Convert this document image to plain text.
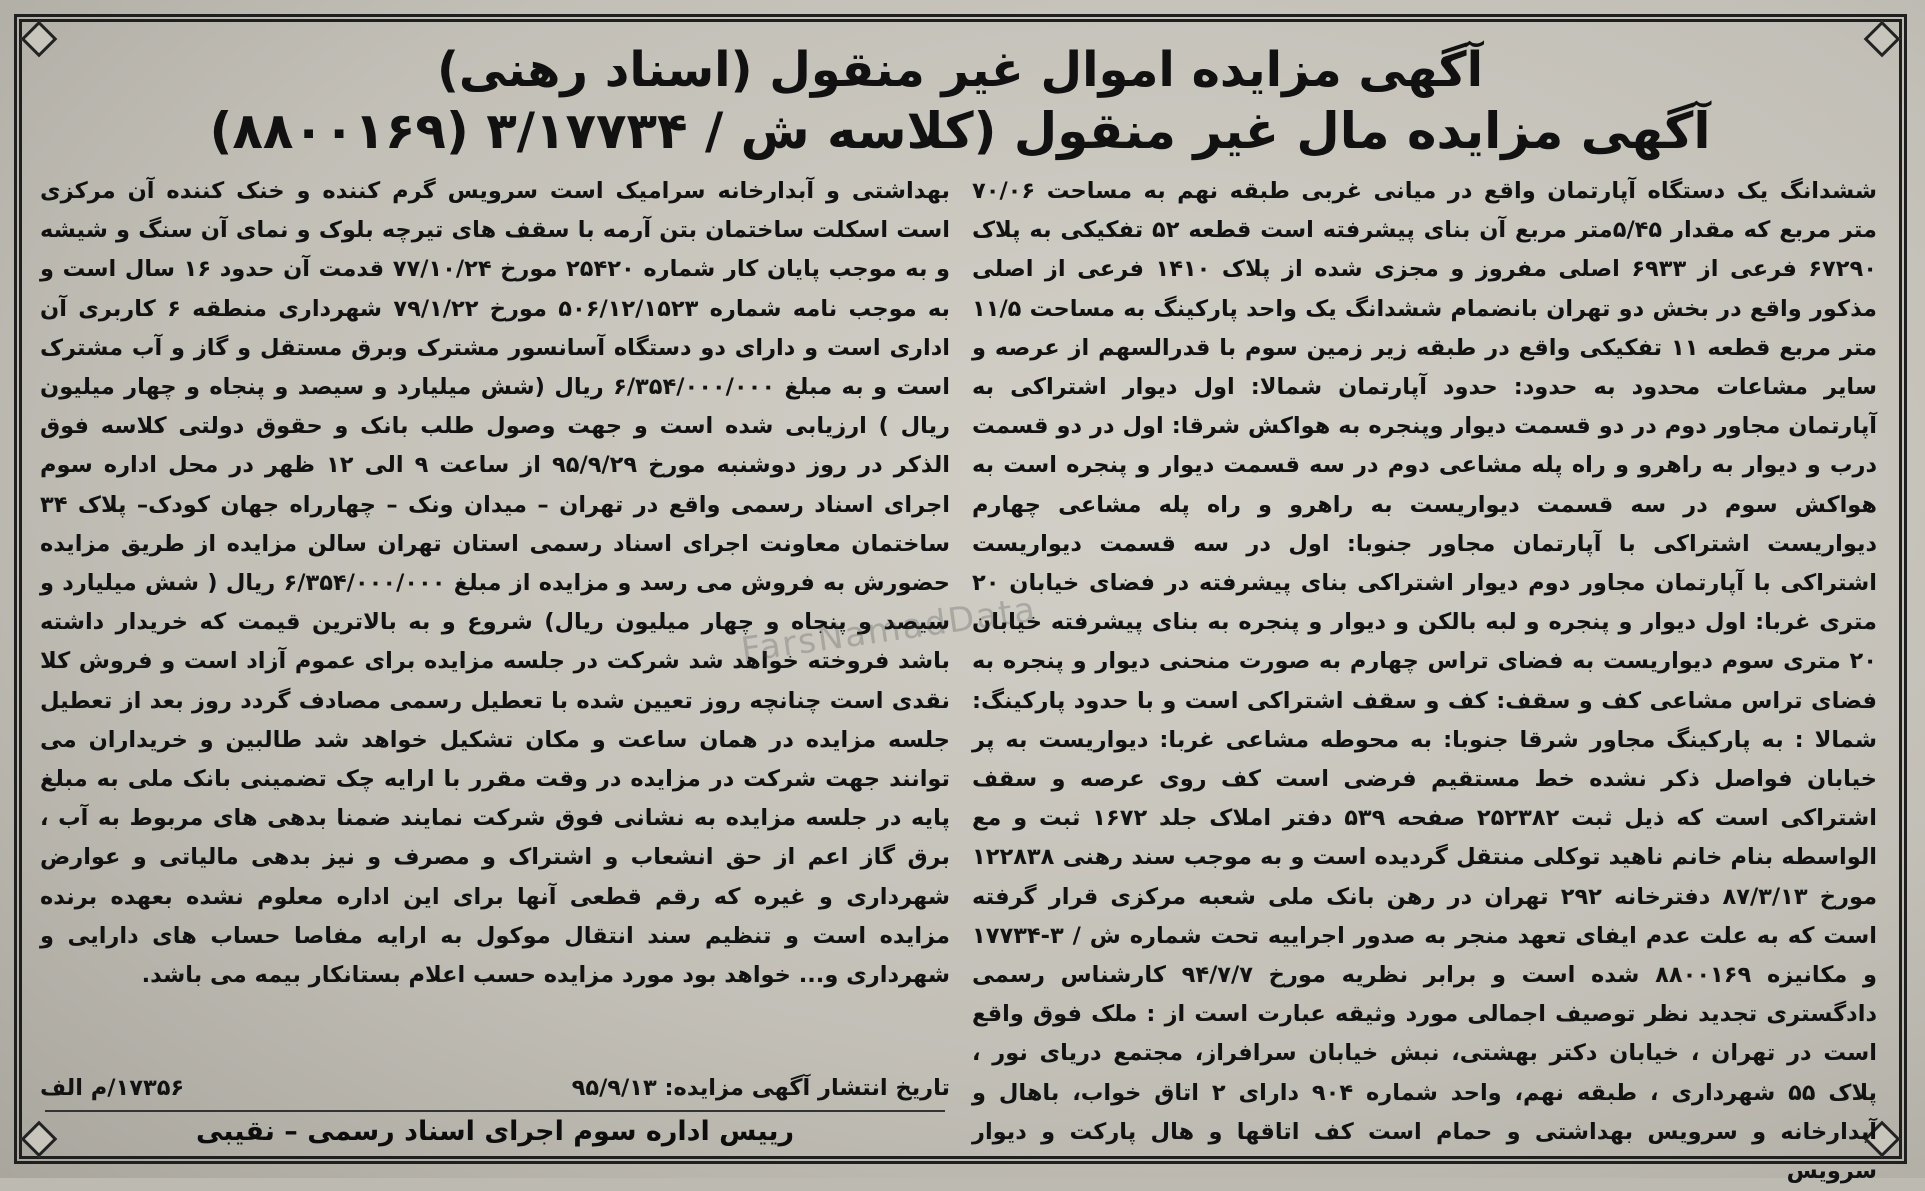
آگهی مزایده اموال غیر منقول (اسناد رهنی)
آگهی مزایده مال غیر منقول (کلاسه ش / ۳/۱۷۷۳۴ (۸۸۰۰۱۶۹)

ششدانگ یک دستگاه آپارتمان واقع در میانی غربی طبقه نهم به مساحت ۷۰/۰۶ متر مربع که مقدار ۵/۴۵متر مربع آن بنای پیشرفته است قطعه ۵۲ تفکیکی به پلاک ۶۷۲۹۰ فرعی از ۶۹۳۳ اصلی مفروز و مجزی شده از پلاک ۱۴۱۰ فرعی از اصلی مذکور واقع در بخش دو تهران بانضمام ششدانگ یک واحد پارکینگ به مساحت ۱۱/۵ متر مربع قطعه ۱۱ تفکیکی واقع در طبقه زیر زمین سوم با قدرالسهم از عرصه و سایر مشاعات محدود به حدود: حدود آپارتمان شمالا: اول دیوار اشتراکی به آپارتمان مجاور دوم در دو قسمت دیوار وپنجره به هواکش شرقا: اول در دو قسمت درب و دیوار به راهرو و راه پله مشاعی دوم در سه قسمت دیوار و پنجره است به هواکش سوم در سه قسمت دیواریست به راهرو و راه پله مشاعی چهارم دیواریست اشتراکی با آپارتمان مجاور جنوبا: اول در سه قسمت دیواریست اشتراکی با آپارتمان مجاور دوم دیوار اشتراکی بنای پیشرفته در فضای خیابان ۲۰ متری غربا: اول دیوار و پنجره و لبه بالکن و دیوار و پنجره به بنای پیشرفته خیابان ۲۰ متری سوم دیواریست به فضای تراس چهارم به صورت منحنی دیوار و پنجره به فضای تراس مشاعی کف و سقف: کف و سقف اشتراکی است و با حدود پارکینگ: شمالا : به پارکینگ مجاور شرقا جنوبا: به محوطه مشاعی غربا: دیواریست به پر خیابان فواصل ذکر نشده خط مستقیم فرضی است کف روی عرصه و سقف اشتراکی است که ذیل ثبت ۲۵۲۳۸۲ صفحه ۵۳۹ دفتر املاک جلد ۱۶۷۲ ثبت و مع الواسطه بنام خانم ناهید توکلی منتقل گردیده است و به موجب سند رهنی ۱۲۲۸۳۸ مورخ ۸۷/۳/۱۳ دفترخانه ۲۹۲ تهران در رهن بانک ملی شعبه مرکزی قرار گرفته است که به علت عدم ایفای تعهد منجر به صدور اجراییه تحت شماره ش / ۳-۱۷۷۳۴ و مکانیزه ۸۸۰۰۱۶۹ شده است و برابر نظریه مورخ ۹۴/۷/۷ کارشناس رسمی دادگستری تجدید نظر توصیف اجمالی مورد وثیقه عبارت است از : ملک فوق واقع است در تهران ، خیابان دکتر بهشتی، نبش خیابان سرافراز، مجتمع دریای نور ، پلاک ۵۵ شهرداری ، طبقه نهم، واحد شماره ۹۰۴ دارای ۲ اتاق خواب، باهال و آبدارخانه و سرویس بهداشتی و حمام است کف اتاقها و هال پارکت و دیوار سرویس

بهداشتی و آبدارخانه سرامیک است سرویس گرم کننده و خنک کننده آن مرکزی است اسکلت ساختمان بتن آرمه با سقف های تیرچه بلوک و نمای آن سنگ و شیشه و به موجب پایان کار شماره ۲۵۴۲۰ مورخ ۷۷/۱۰/۲۴ قدمت آن حدود ۱۶ سال است و به موجب نامه شماره ۵۰۶/۱۲/۱۵۲۳ مورخ ۷۹/۱/۲۲ شهرداری منطقه ۶ کاربری آن اداری است و دارای دو دستگاه آسانسور مشترک وبرق مستقل و گاز و آب مشترک است و به مبلغ ۶/۳۵۴/۰۰۰/۰۰۰ ریال (شش میلیارد و سیصد و پنجاه و چهار میلیون ریال ) ارزیابی شده است و جهت وصول طلب بانک و حقوق دولتی کلاسه فوق الذکر در روز دوشنبه مورخ ۹۵/۹/۲۹ از ساعت ۹ الی ۱۲ ظهر در محل اداره سوم اجرای اسناد رسمی واقع در تهران – میدان ونک – چهارراه جهان کودک– پلاک ۳۴ ساختمان معاونت اجرای اسناد رسمی استان تهران سالن مزایده از طریق مزایده حضورش به فروش می رسد و مزایده از مبلغ ۶/۳۵۴/۰۰۰/۰۰۰ ریال ( شش میلیارد و سیصد و پنجاه و چهار میلیون ریال) شروع و به بالاترین قیمت که خریدار داشته باشد فروخته خواهد شد شرکت در جلسه مزایده برای عموم آزاد است و فروش کلا نقدی است چنانچه روز تعیین شده با تعطیل رسمی مصادف گردد روز بعد از تعطیل جلسه مزایده در همان ساعت و مکان تشکیل خواهد شد طالبین و خریداران می توانند جهت شرکت در مزایده در وقت مقرر با ارایه چک تضمینی بانک ملی به مبلغ پایه در جلسه مزایده به نشانی فوق شرکت نمایند ضمنا بدهی های مربوط به آب ، برق گاز اعم از حق انشعاب و اشتراک و مصرف و نیز بدهی مالیاتی و عوارض شهرداری و غیره که رقم قطعی آنها برای این اداره معلوم نشده بعهده برنده مزایده است و تنظیم سند انتقال موکول به ارایه مفاصا حساب های دارایی و شهرداری و... خواهد بود مورد مزایده حسب اعلام بستانکار بیمه می باشد.

تاریخ انتشار آگهی مزایده: ۹۵/۹/۱۳
۱۷۳۵۶/م الف
رییس اداره سوم اجرای اسناد رسمی – نقیبی
FarsNamadData
